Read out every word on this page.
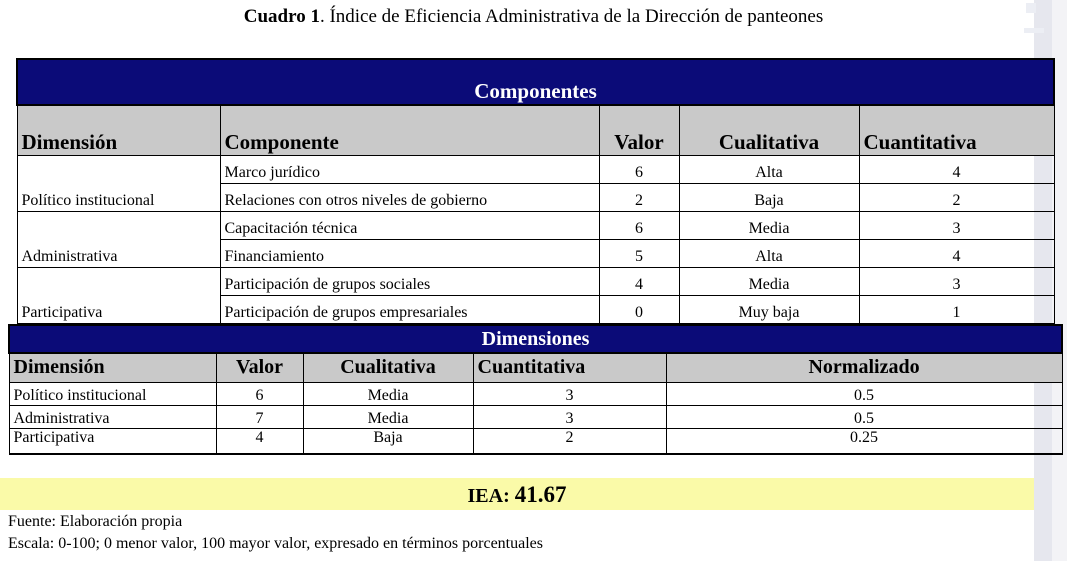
Cuadro 1. Índice de Eficiencia Administrativa de la Dirección de panteones
Componentes				
Dimensión	Componente	Valor	Cualitativa	Cuantitativa
Político institucional	Marco jurídico	6	Alta	4
	Relaciones con otros niveles de gobierno	2	Baja	2
Administrativa	Capacitación técnica	6	Media	3
	Financiamiento	5	Alta	4
Participativa	Participación de grupos sociales	4	Media	3
	Participación de grupos empresariales	0	Muy baja	1
Dimensiones				
Dimensión	Valor	Cualitativa	Cuantitativa	Normalizado
Político institucional	6	Media	3	0.5
Administrativa	7	Media	3	0.5
Participativa	4	Baja	2	0.25
IEA: 41.67
Fuente: Elaboración propia
Escala: 0-100; 0 menor valor, 100 mayor valor, expresado en términos porcentuales
